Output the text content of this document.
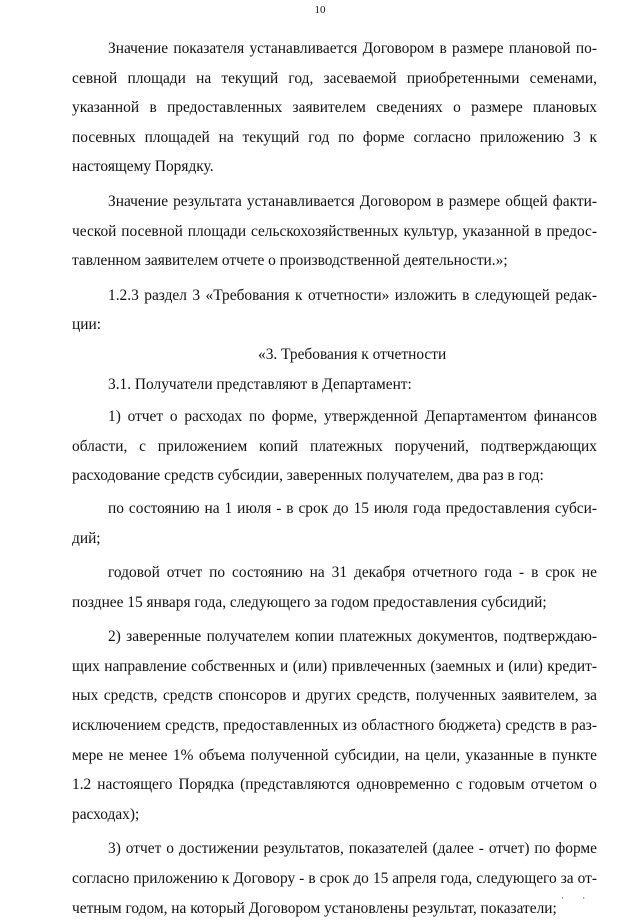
10

Значение показателя устанавливается Договором в размере плановой посевной площади на текущий год, засеваемой приобретенными семенами, указанной в предоставленных заявителем сведениях о размере плановых посевных площадей на текущий год по форме согласно приложению 3 к настоящему Порядку.

Значение результата устанавливается Договором в размере общей фактической посевной площади сельскохозяйственных культур, указанной в предоставленном заявителем отчете о производственной деятельности.»;

1.2.3 раздел 3 «Требования к отчетности» изложить в следующей редакции:

«3. Требования к отчетности

3.1. Получатели представляют в Департамент:

1) отчет о расходах по форме, утвержденной Департаментом финансов области, с приложением копий платежных поручений, подтверждающих расходование средств субсидии, заверенных получателем, два раз в год:

по состоянию на 1 июля - в срок до 15 июля года предоставления субсидий;

годовой отчет по состоянию на 31 декабря отчетного года - в срок не позднее 15 января года, следующего за годом предоставления субсидий;

2) заверенные получателем копии платежных документов, подтверждающих направление собственных и (или) привлеченных (заемных и (или) кредитных средств, средств спонсоров и других средств, полученных заявителем, за исключением средств, предоставленных из областного бюджета) средств в размере не менее 1% объема полученной субсидии, на цели, указанные в пункте 1.2 настоящего Порядка (представляются одновременно с годовым отчетом о расходах);

3) отчет о достижении результатов, показателей (далее - отчет) по форме согласно приложению к Договору - в срок до 15 апреля года, следующего за отчетным годом, на который Договором установлены результат, показатели;

· ·
